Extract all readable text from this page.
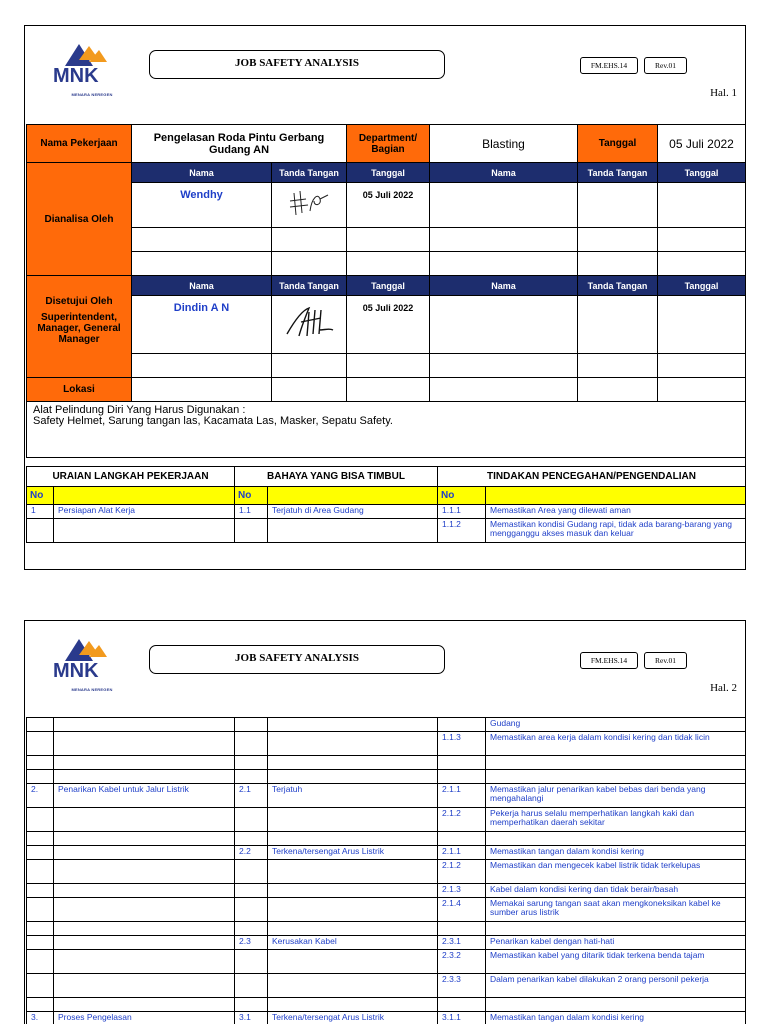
MNK
MENARA NEREGEN
JOB SAFETY ANALYSIS	FM.EHS.14	Rev.01
Hal. 1
Nama Pekerjaan	Pengelasan Roda Pintu Gerbang Gudang AN		Department/ Bagian	Blasting	Tanggal	05 Juli 2022
Dianalisa Oleh	Nama	Tanda Tangan	Tanggal	Nama	Tanda Tangan	Tanggal
	Wendhy		05 Juli 2022			

Disetujui Oleh
Superintendent, Manager, General Manager	Nama	Tanda Tangan	Tanggal	Nama	Tanda Tangan	Tanggal
	Dindin A N		05 Juli 2022			

Lokasi						

Alat Pelindung Diri Yang Harus Digunakan :
Safety Helmet, Sarung tangan las, Kacamata Las, Masker, Sepatu Safety.						
URAIAN LANGKAH PEKERJAAN		BAHAYA YANG BISA TIMBUL		TINDAKAN PENCEGAHAN/PENGENDALIAN	
No		No		No	
1	Persiapan Alat Kerja	1.1	Terjatuh di Area Gudang	1.1.1	Memastikan Area yang dilewati aman
				1.1.2	Memastikan kondisi Gudang rapi, tidak ada barang-barang yang mengganggu akses masuk dan keluar
MNK
MENARA NEREGEN
JOB SAFETY ANALYSIS	FM.EHS.14	Rev.01
Hal. 2
					Gudang
				1.1.3	Memastikan area kerja dalam kondisi kering dan tidak licin

2.	Penarikan Kabel untuk Jalur Listrik	2.1	Terjatuh	2.1.1	Memastikan jalur penarikan kabel bebas dari benda yang mengahalangi
				2.1.2	Pekerja harus selalu memperhatikan langkah kaki dan memperhatikan daerah sekitar

		2.2	Terkena/tersengat Arus Listrik	2.1.1	Memastikan tangan dalam kondisi kering
				2.1.2	Memastikan dan mengecek kabel listrik tidak terkelupas
				2.1.3	Kabel dalam kondisi kering dan tidak berair/basah
				2.1.4	Memakai sarung tangan saat akan mengkoneksikan kabel ke sumber arus listrik

		2.3	Kerusakan Kabel	2.3.1	Penarikan kabel dengan hati-hati
				2.3.2	Memastikan kabel yang ditarik tidak terkena benda tajam
				2.3.3	Dalam penarikan kabel dilakukan 2 orang personil pekerja

3.	Proses Pengelasan	3.1	Terkena/tersengat Arus Listrik	3.1.1	Memastikan tangan dalam kondisi kering
